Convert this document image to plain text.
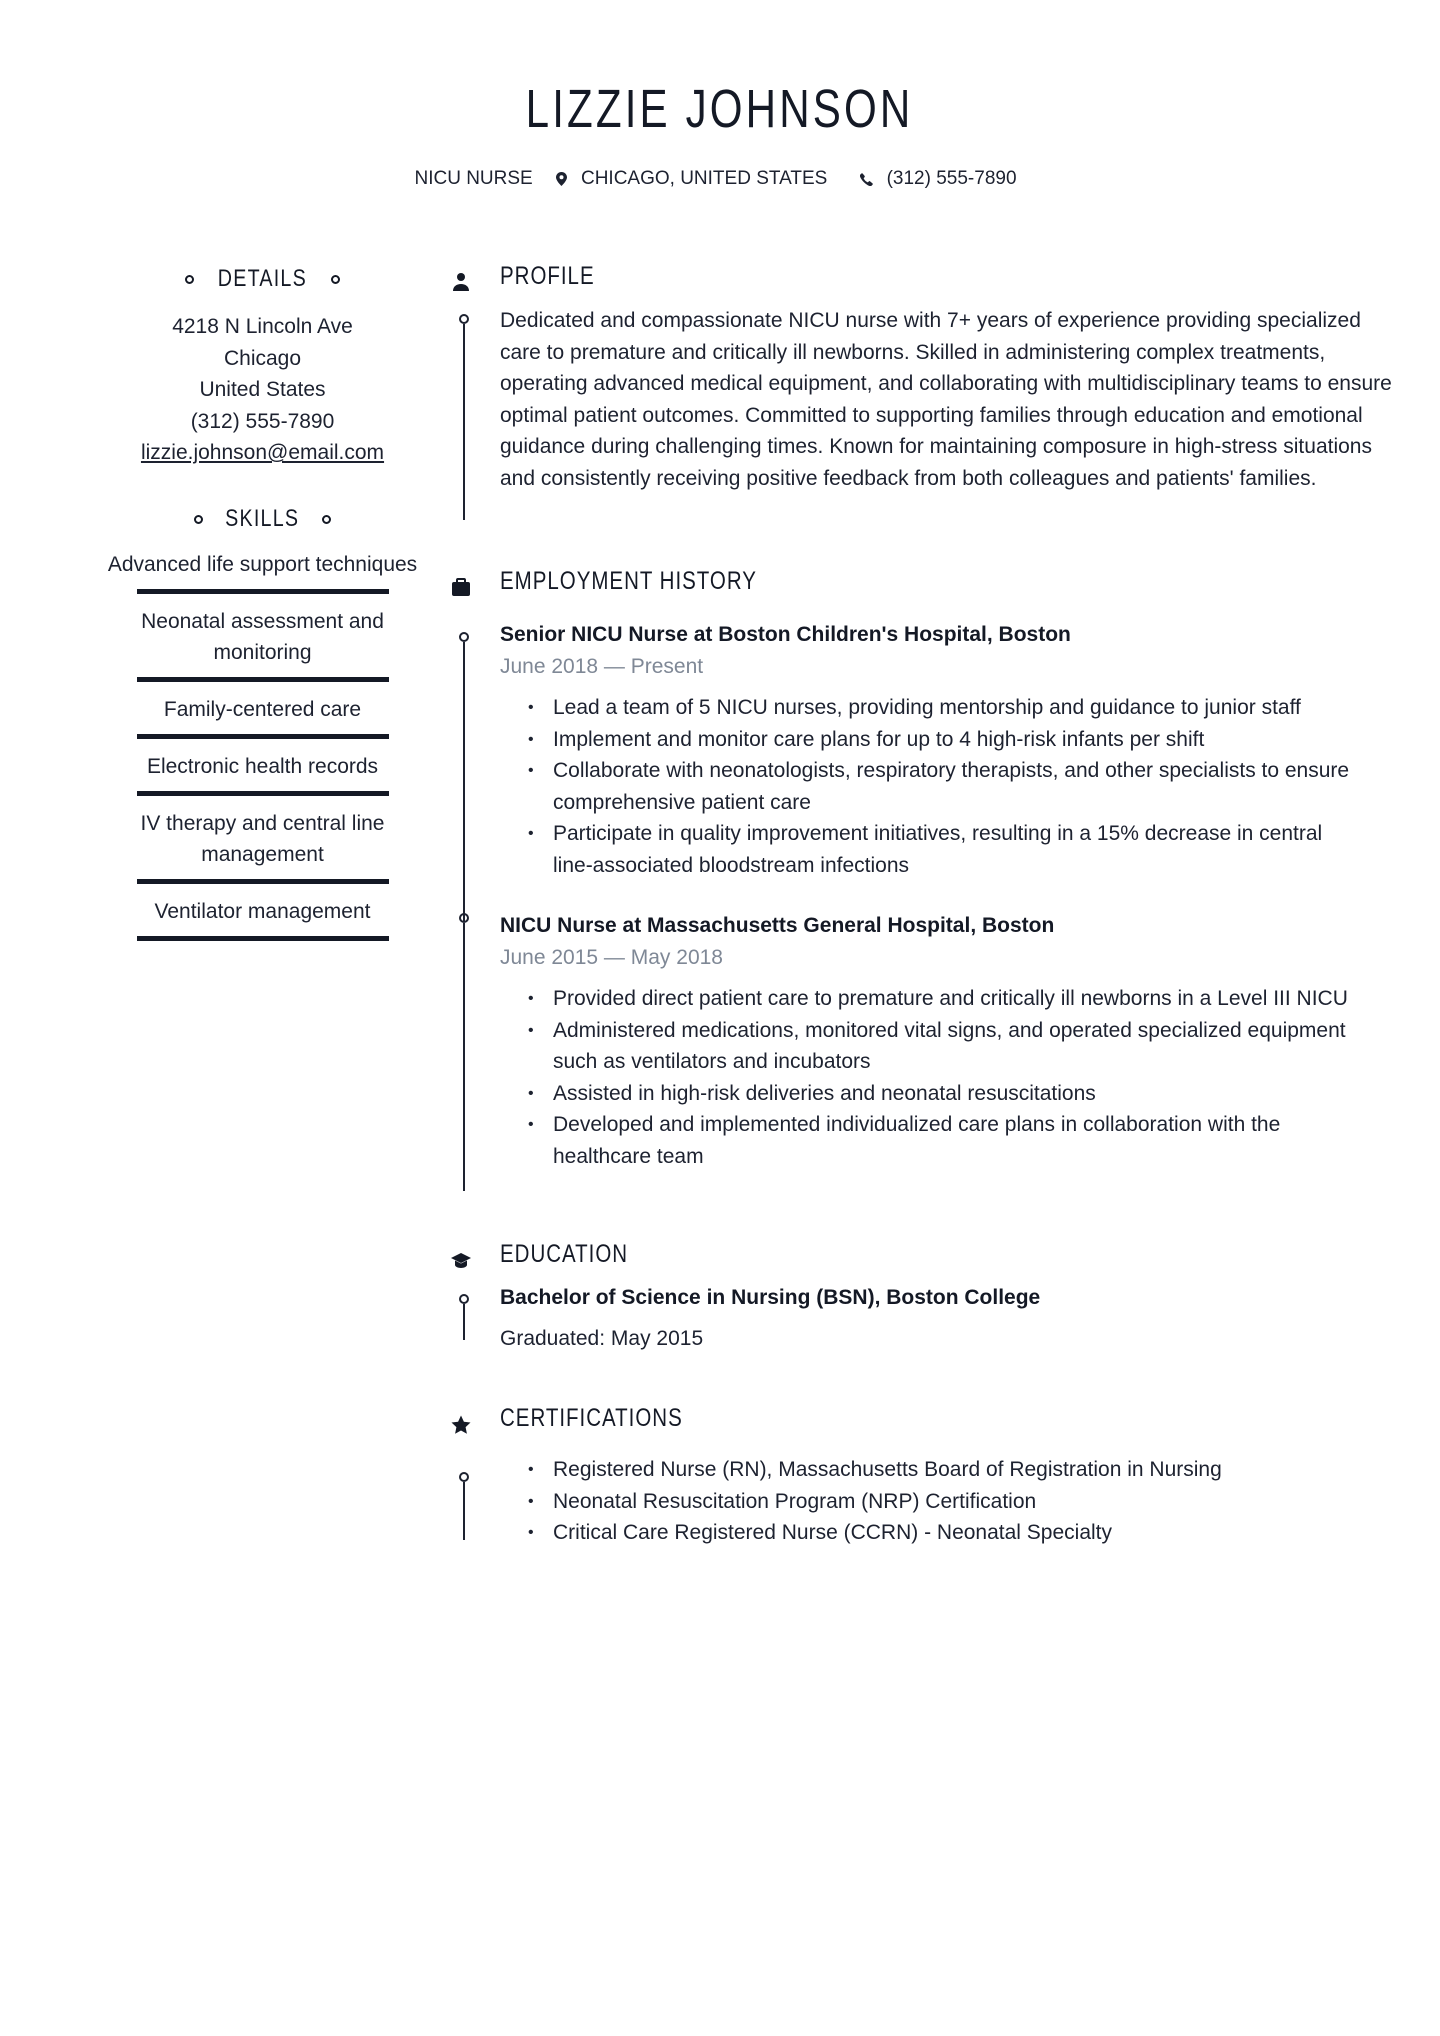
LIZZIE JOHNSON
NICU NURSE	CHICAGO, UNITED STATES	(312) 555-7890
DETAILS
4218 N Lincoln Ave
Chicago
United States
(312) 555-7890
lizzie.johnson@email.com
SKILLS
Advanced life support techniques
Neonatal assessment and monitoring
Family-centered care
Electronic health records
IV therapy and central line management
Ventilator management
PROFILE
Dedicated and compassionate NICU nurse with 7+ years of experience providing specialized care to premature and critically ill newborns. Skilled in administering complex treatments, operating advanced medical equipment, and collaborating with multidisciplinary teams to ensure optimal patient outcomes. Committed to supporting families through education and emotional guidance during challenging times. Known for maintaining composure in high-stress situations and consistently receiving positive feedback from both colleagues and patients' families.
EMPLOYMENT HISTORY
Senior NICU Nurse at Boston Children's Hospital, Boston
June 2018 — Present
• Lead a team of 5 NICU nurses, providing mentorship and guidance to junior staff
• Implement and monitor care plans for up to 4 high-risk infants per shift
• Collaborate with neonatologists, respiratory therapists, and other specialists to ensure comprehensive patient care
• Participate in quality improvement initiatives, resulting in a 15% decrease in central line-associated bloodstream infections
NICU Nurse at Massachusetts General Hospital, Boston
June 2015 — May 2018
• Provided direct patient care to premature and critically ill newborns in a Level III NICU
• Administered medications, monitored vital signs, and operated specialized equipment such as ventilators and incubators
• Assisted in high-risk deliveries and neonatal resuscitations
• Developed and implemented individualized care plans in collaboration with the healthcare team
EDUCATION
Bachelor of Science in Nursing (BSN), Boston College
Graduated: May 2015
CERTIFICATIONS
• Registered Nurse (RN), Massachusetts Board of Registration in Nursing
• Neonatal Resuscitation Program (NRP) Certification
• Critical Care Registered Nurse (CCRN) - Neonatal Specialty
